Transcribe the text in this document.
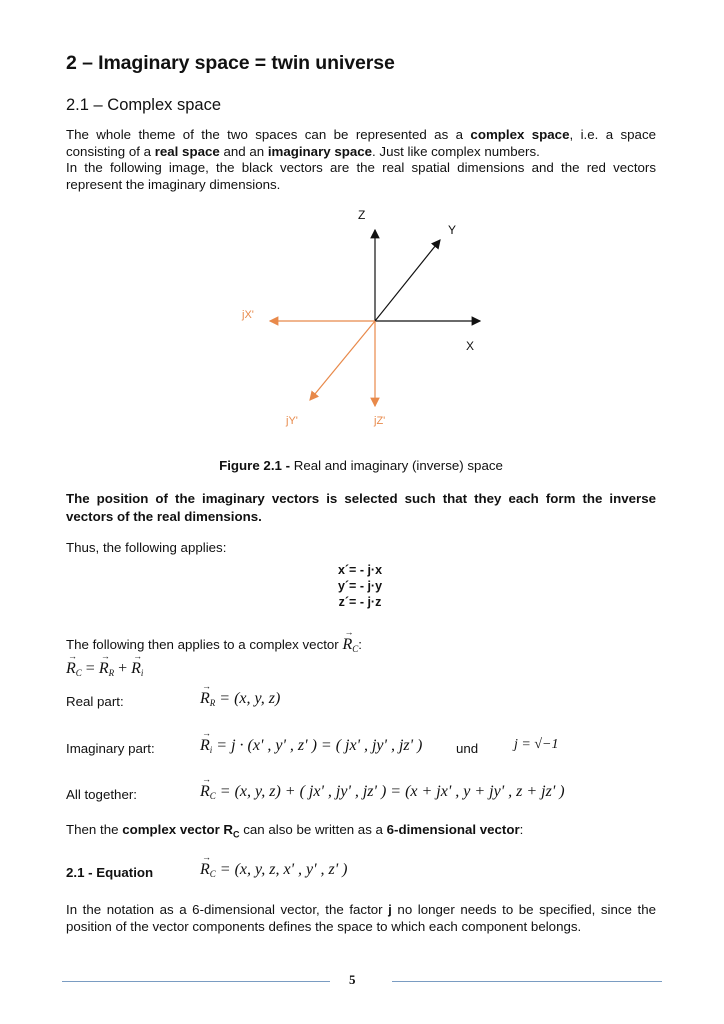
2 – Imaginary space = twin universe
2.1 – Complex space
The whole theme of the two spaces can be represented as a complex space, i.e. a space consisting of a real space and an imaginary space. Just like complex numbers.
In the following image, the black vectors are the real spatial dimensions and the red vectors represent the imaginary dimensions.
Z
Y
X
jX'
jY'	jZ'
Figure 2.1 - Real and imaginary (inverse) space
The position of the imaginary vectors is selected such that they each form the inverse vectors of the real dimensions.
Thus, the following applies:
x´= - j·x
y´= - j·y
z´= - j·z
The following then applies to a complex vector → $R_C$:
→ $R_C$ = → $R_R$ + → $R_i$
Real part:	→ $R_R = (x$, y, z)
Imaginary part:	→ $R_i = j \cdot (x'$ , y' , z' ) = ( jx' , jy' , jz' )	und	j = √−1
All together:	→ $R_C = (x$, y, z) + ( jx' , jy' , jz' ) = (x + jx' , y + jy' , z + jz' )
Then the complex vector $R_C$ can also be written as a 6-dimensional vector:
2.1 - Equation	→ $R_C = (x$, y, z, x' , y' , z' )
In the notation as a 6-dimensional vector, the factor j no longer needs to be specified, since the position of the vector components defines the space to which each component belongs.
5
